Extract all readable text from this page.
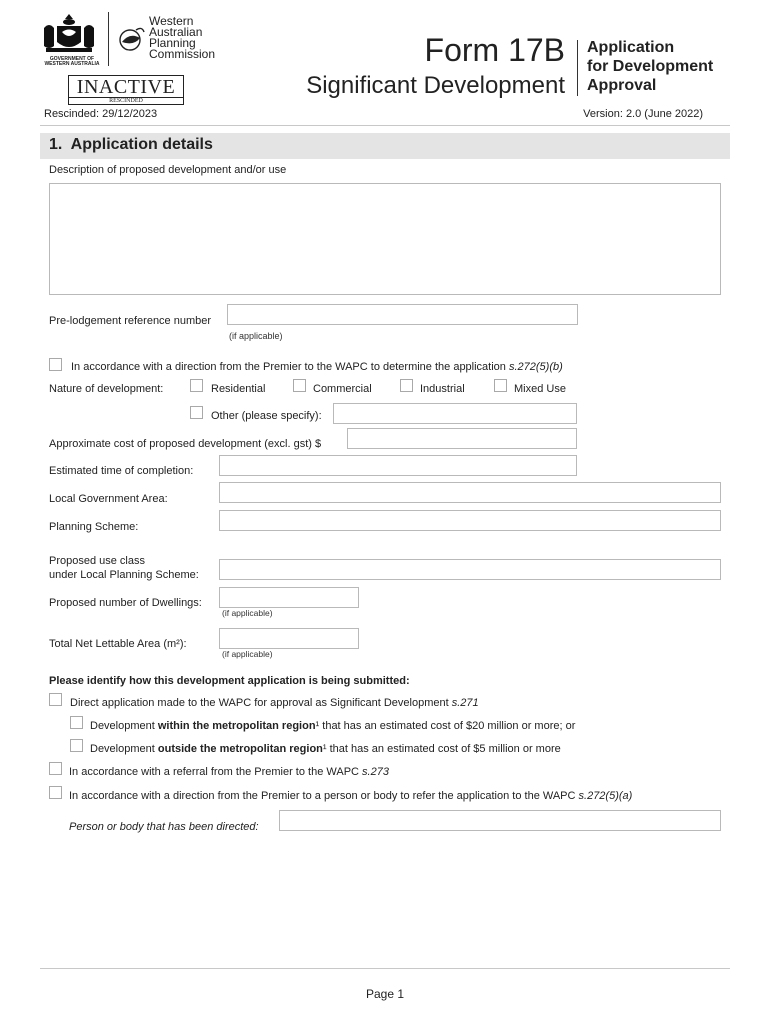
GOVERNMENT OF
WESTERN AUSTRALIA
Western
Australian
Planning
Commission
INACTIVE
RESCINDED
Rescinded: 29/12/2023
Form 17B
Significant Development
Application
for Development
Approval
Version: 2.0 (June 2022)
1.  Application details
Description of proposed development and/or use
Pre-lodgement reference number
(if applicable)
In accordance with a direction from the Premier to the WAPC to determine the application s.272(5)(b)
Nature of development:	Residential	Commercial	Industrial	Mixed Use
Other (please specify):
Approximate cost of proposed development (excl. gst) $
Estimated time of completion:
Local Government Area:
Planning Scheme:
Proposed use class
under Local Planning Scheme:
Proposed number of Dwellings:
(if applicable)
Total Net Lettable Area (m²):
(if applicable)
Please identify how this development application is being submitted:
Direct application made to the WAPC for approval as Significant Development s.271
Development within the metropolitan region¹ that has an estimated cost of $20 million or more; or
Development outside the metropolitan region¹ that has an estimated cost of $5 million or more
In accordance with a referral from the Premier to the WAPC s.273
In accordance with a direction from the Premier to a person or body to refer the application to the WAPC s.272(5)(a)
Person or body that has been directed:
Page 1
